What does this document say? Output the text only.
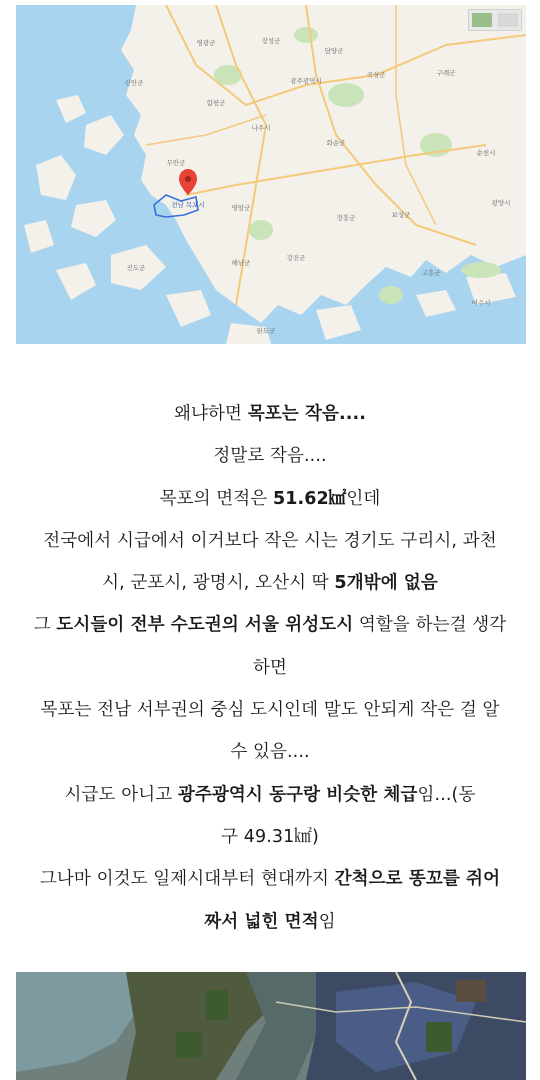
영광군	장성군
광주광역시
곡성군	구례군
담양군
함평군
나주시
화순군
순천시
신안군
무안군
영암군
장흥군	보성군
광양시
강진군
해남군
고흥군
진도군
완도군
여수시
전남 목포시

왜냐하면 목포는 작음....

정말로 작음....

목포의 면적은 51.62㎢인데

전국에서 시급에서 이거보다 작은 시는 경기도 구리시, 과천

시, 군포시, 광명시, 오산시 딱 5개밖에 없음

그 도시들이 전부 수도권의 서울 위성도시 역할을 하는걸 생각

하면

목포는 전남 서부권의 중심 도시인데 말도 안되게 작은 걸 알

수 있음....

시급도 아니고 광주광역시 동구랑 비슷한 체급임...(동

구 49.31㎢)

그나마 이것도 일제시대부터 현대까지 간척으로 똥꼬를 쥐어

짜서 넓힌 면적임
